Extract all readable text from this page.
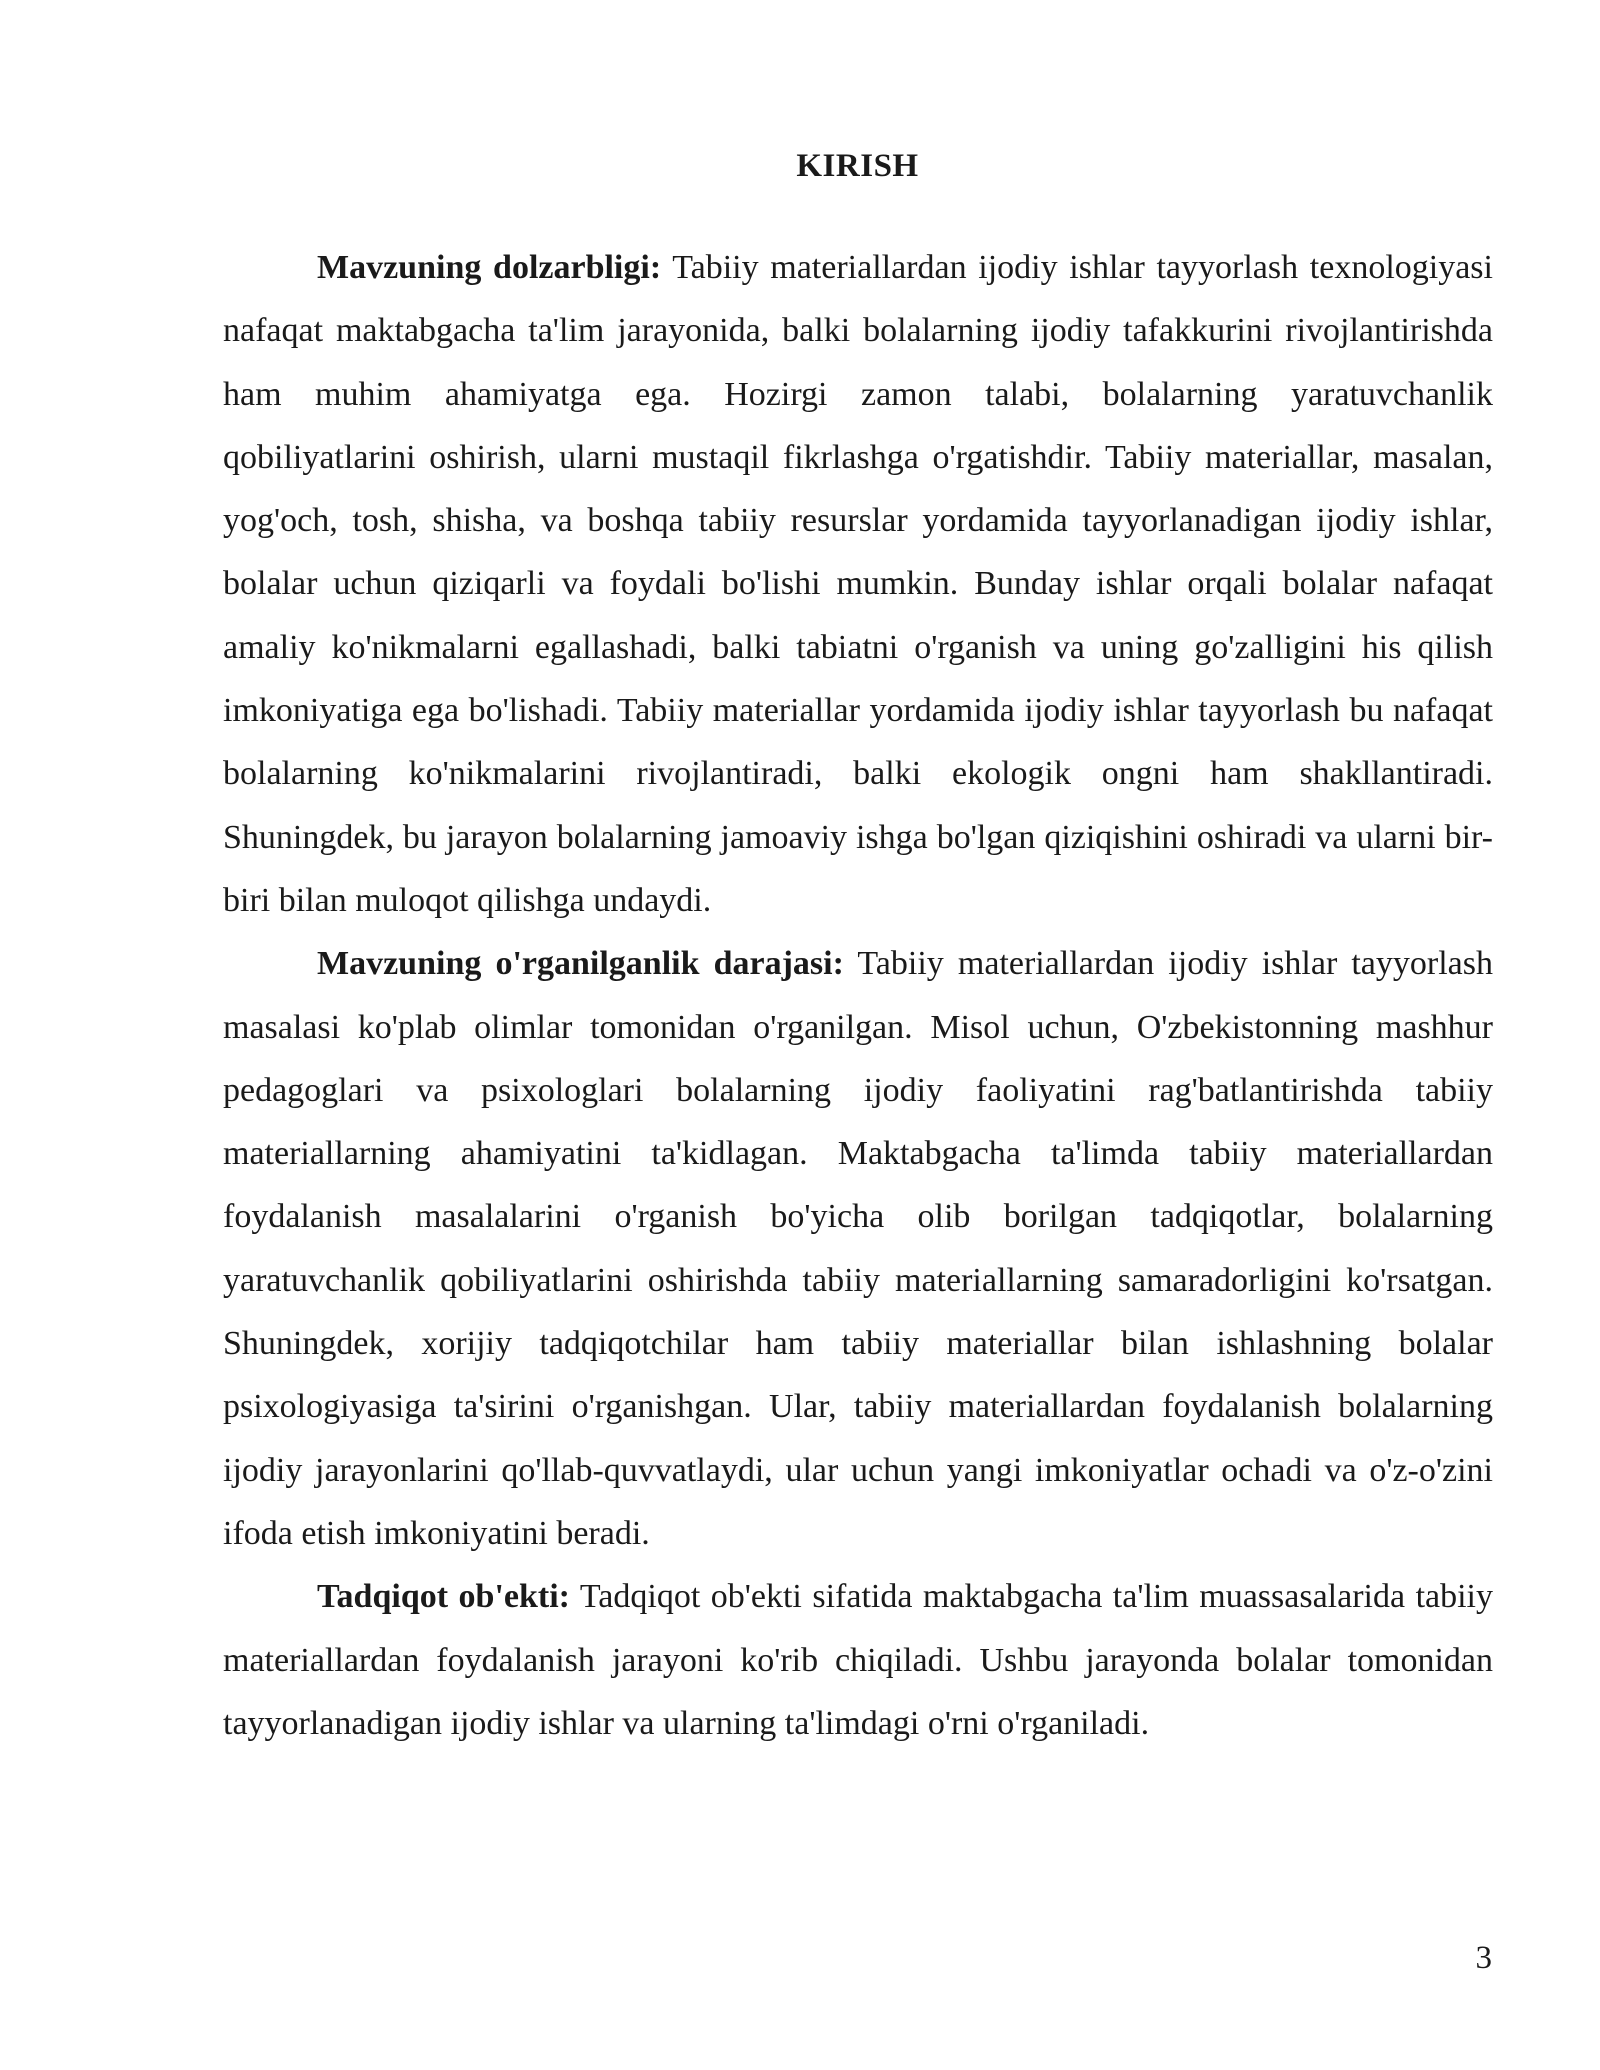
KIRISH

Mavzuning dolzarbligi: Tabiiy materiallardan ijodiy ishlar tayyorlash texnologiyasi nafaqat maktabgacha ta'lim jarayonida, balki bolalarning ijodiy tafakkurini rivojlantirishda ham muhim ahamiyatga ega. Hozirgi zamon talabi, bolalarning yaratuvchanlik qobiliyatlarini oshirish, ularni mustaqil fikrlashga o'rgatishdir. Tabiiy materiallar, masalan, yog'och, tosh, shisha, va boshqa tabiiy resurslar yordamida tayyorlanadigan ijodiy ishlar, bolalar uchun qiziqarli va foydali bo'lishi mumkin. Bunday ishlar orqali bolalar nafaqat amaliy ko'nikmalarni egallashadi, balki tabiatni o'rganish va uning go'zalligini his qilish imkoniyatiga ega bo'lishadi. Tabiiy materiallar yordamida ijodiy ishlar tayyorlash bu nafaqat bolalarning ko'nikmalarini rivojlantiradi, balki ekologik ongni ham shakllantiradi. Shuningdek, bu jarayon bolalarning jamoaviy ishga bo'lgan qiziqishini oshiradi va ularni bir-biri bilan muloqot qilishga undaydi.

Mavzuning o'rganilganlik darajasi: Tabiiy materiallardan ijodiy ishlar tayyorlash masalasi ko'plab olimlar tomonidan o'rganilgan. Misol uchun, O'zbekistonning mashhur pedagoglari va psixologlari bolalarning ijodiy faoliyatini rag'batlantirishda tabiiy materiallarning ahamiyatini ta'kidlagan. Maktabgacha ta'limda tabiiy materiallardan foydalanish masalalarini o'rganish bo'yicha olib borilgan tadqiqotlar, bolalarning yaratuvchanlik qobiliyatlarini oshirishda tabiiy materiallarning samaradorligini ko'rsatgan. Shuningdek, xorijiy tadqiqotchilar ham tabiiy materiallar bilan ishlashning bolalar psixologiyasiga ta'sirini o'rganishgan. Ular, tabiiy materiallardan foydalanish bolalarning ijodiy jarayonlarini qo'llab-quvvatlaydi, ular uchun yangi imkoniyatlar ochadi va o'z-o'zini ifoda etish imkoniyatini beradi.

Tadqiqot ob'ekti: Tadqiqot ob'ekti sifatida maktabgacha ta'lim muassasalarida tabiiy materiallardan foydalanish jarayoni ko'rib chiqiladi. Ushbu jarayonda bolalar tomonidan tayyorlanadigan ijodiy ishlar va ularning ta'limdagi o'rni o'rganiladi.

3
